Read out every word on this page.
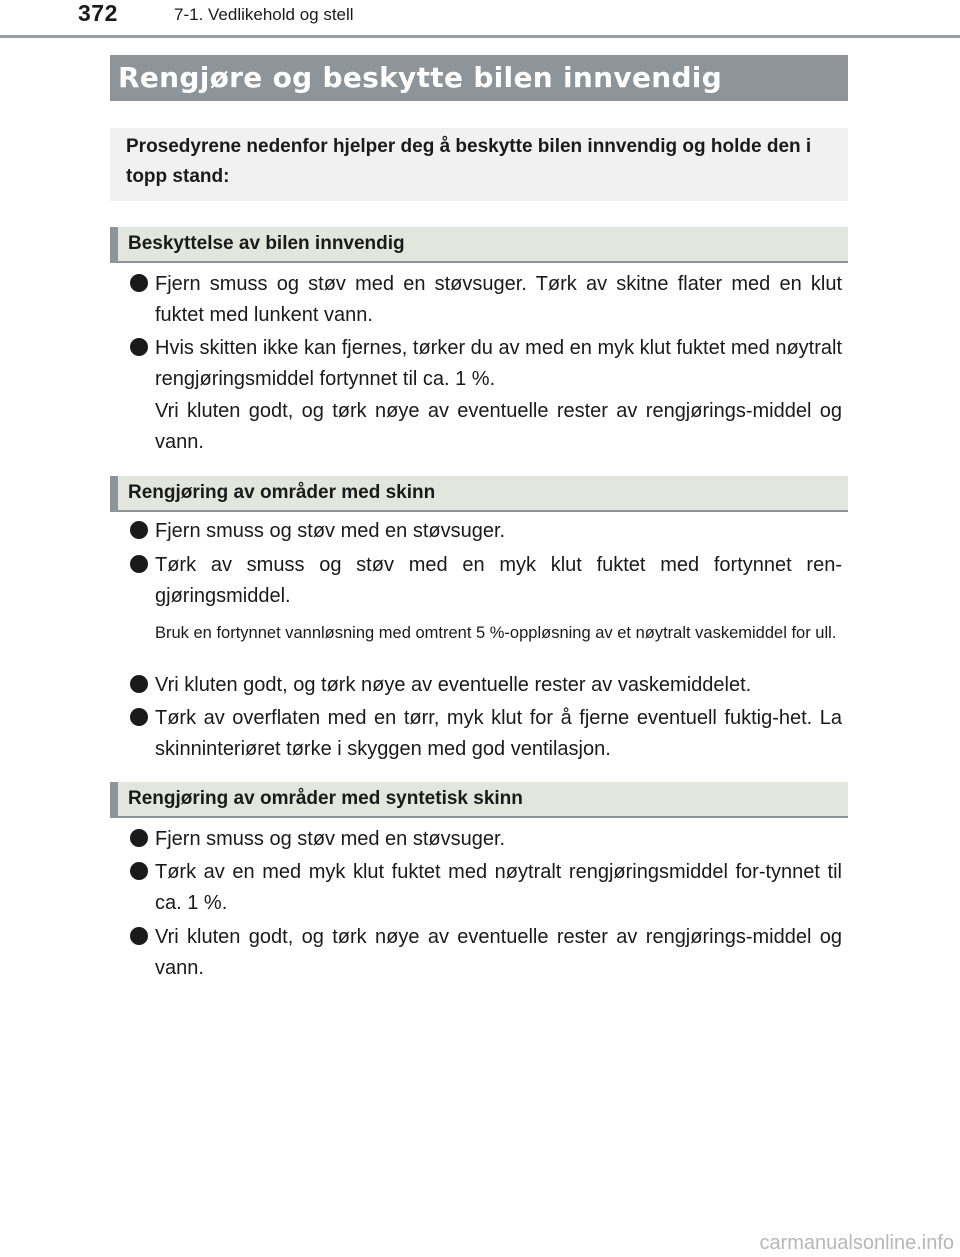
372	7-1. Vedlikehold og stell
Rengjøre og beskytte bilen innvendig
Prosedyrene nedenfor hjelper deg å beskytte bilen innvendig og holde den i topp stand:
Beskyttelse av bilen innvendig
Fjern smuss og støv med en støvsuger. Tørk av skitne flater med en klut fuktet med lunkent vann.
Hvis skitten ikke kan fjernes, tørker du av med en myk klut fuktet med nøytralt rengjøringsmiddel fortynnet til ca. 1 %.
Vri kluten godt, og tørk nøye av eventuelle rester av rengjørings-middel og vann.
Rengjøring av områder med skinn
Fjern smuss og støv med en støvsuger.
Tørk av smuss og støv med en myk klut fuktet med fortynnet ren-gjøringsmiddel.
Bruk en fortynnet vannløsning med omtrent 5 %-oppløsning av et nøytralt vaskemiddel for ull.
Vri kluten godt, og tørk nøye av eventuelle rester av vaskemiddelet.
Tørk av overflaten med en tørr, myk klut for å fjerne eventuell fuktig-het. La skinninteriøret tørke i skyggen med god ventilasjon.
Rengjøring av områder med syntetisk skinn
Fjern smuss og støv med en støvsuger.
Tørk av en med myk klut fuktet med nøytralt rengjøringsmiddel for-tynnet til ca. 1 %.
Vri kluten godt, og tørk nøye av eventuelle rester av rengjørings-middel og vann.
carmanualsonline.info
